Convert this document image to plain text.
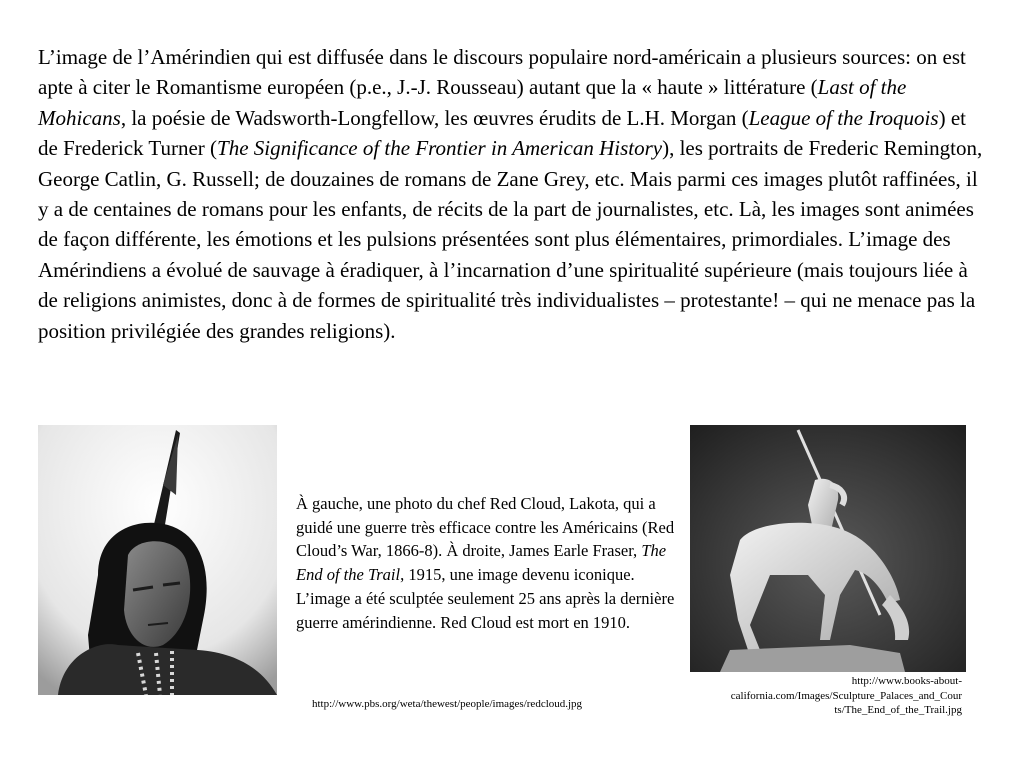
L’image de l’Amérindien qui est diffusée dans le discours populaire nord-américain a plusieurs sources: on est apte à citer le Romantisme européen (p.e., J.-J. Rousseau) autant que la « haute » littérature (Last of the Mohicans, la poésie de Wadsworth-Longfellow, les œuvres érudits de L.H. Morgan (League of the Iroquois) et de Frederick Turner (The Significance of the Frontier in American History), les portraits de Frederic Remington, George Catlin, G. Russell; de douzaines de romans de Zane Grey, etc. Mais parmi ces images plutôt raffinées, il y a de centaines de romans pour les enfants, de récits de la part de journalistes, etc. Là, les images sont animées de façon différente, les émotions et les pulsions présentées sont plus élémentaires, primordiales. L’image des Amérindiens a évolué de sauvage à éradiquer, à l’incarnation d’une spiritualité supérieure (mais toujours liée à de religions animistes, donc à de formes de spiritualité très individualistes – protestante! – qui ne menace pas la position privilégiée des grandes religions).

À gauche, une photo du chef Red Cloud, Lakota, qui a guidé une guerre très efficace contre les Américains (Red Cloud’s War, 1866-8). À droite, James Earle Fraser, The End of the Trail, 1915, une image devenu iconique. L’image a été sculptée seulement 25 ans après la dernière guerre amérindienne. Red Cloud est mort en 1910.

http://www.books-about-
california.com/Images/Sculpture_Palaces_and_Cour
ts/The_End_of_the_Trail.jpg
http://www.pbs.org/weta/thewest/people/images/redcloud.jpg
